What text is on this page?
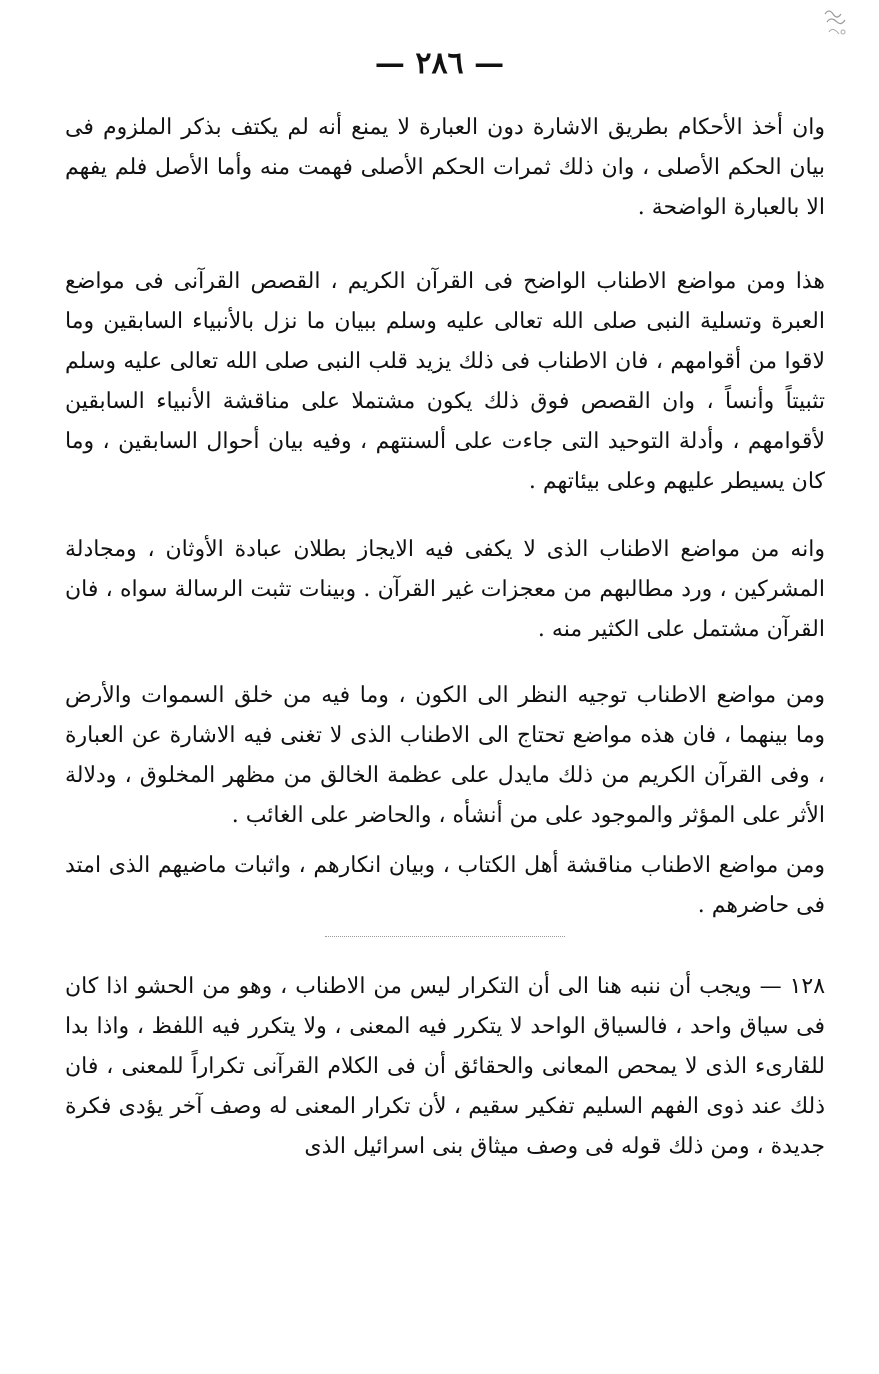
— ٢٨٦ —

وان أخذ الأحكام بطريق الاشارة دون العبارة لا يمنع أنه لم يكتف بذكر الملزوم فى بيان الحكم الأصلى ، وان ذلك ثمرات الحكم الأصلى فهمت منه وأما الأصل فلم يفهم الا بالعبارة الواضحة .

هذا ومن مواضع الاطناب الواضح فى القرآن الكريم ، القصص القرآنى فى مواضع العبرة وتسلية النبى صلى الله تعالى عليه وسلم ببيان ما نزل بالأنبياء السابقين وما لاقوا من أقوامهم ، فان الاطناب فى ذلك يزيد قلب النبى صلى الله تعالى عليه وسلم تثبيتاً وأنساً ، وان القصص فوق ذلك يكون مشتملا على مناقشة الأنبياء السابقين لأقوامهم ، وأدلة التوحيد التى جاءت على ألسنتهم ، وفيه بيان أحوال السابقين ، وما كان يسيطر عليهم وعلى بيئاتهم .

وانه من مواضع الاطناب الذى لا يكفى فيه الايجاز بطلان عبادة الأوثان ، ومجادلة المشركين ، ورد مطالبهم من معجزات غير القرآن . وبينات تثبت الرسالة سواه ، فان القرآن مشتمل على الكثير منه .

ومن مواضع الاطناب توجيه النظر الى الكون ، وما فيه من خلق السموات والأرض وما بينهما ، فان هذه مواضع تحتاج الى الاطناب الذى لا تغنى فيه الاشارة عن العبارة ، وفى القرآن الكريم من ذلك مايدل على عظمة الخالق من مظهر المخلوق ، ودلالة الأثر على المؤثر والموجود على من أنشأه ، والحاضر على الغائب .

ومن مواضع الاطناب مناقشة أهل الكتاب ، وبيان انكارهم ، واثبات ماضيهم الذى امتد فى حاضرهم .

١٢٨ — ويجب أن ننبه هنا الى أن التكرار ليس من الاطناب ، وهو من الحشو اذا كان فى سياق واحد ، فالسياق الواحد لا يتكرر فيه المعنى ، ولا يتكرر فيه اللفظ ، واذا بدا للقارىء الذى لا يمحص المعانى والحقائق أن فى الكلام القرآنى تكراراً للمعنى ، فان ذلك عند ذوى الفهم السليم تفكير سقيم ، لأن تكرار المعنى له وصف آخر يؤدى فكرة جديدة ، ومن ذلك قوله فى وصف ميثاق بنى اسرائيل الذى
